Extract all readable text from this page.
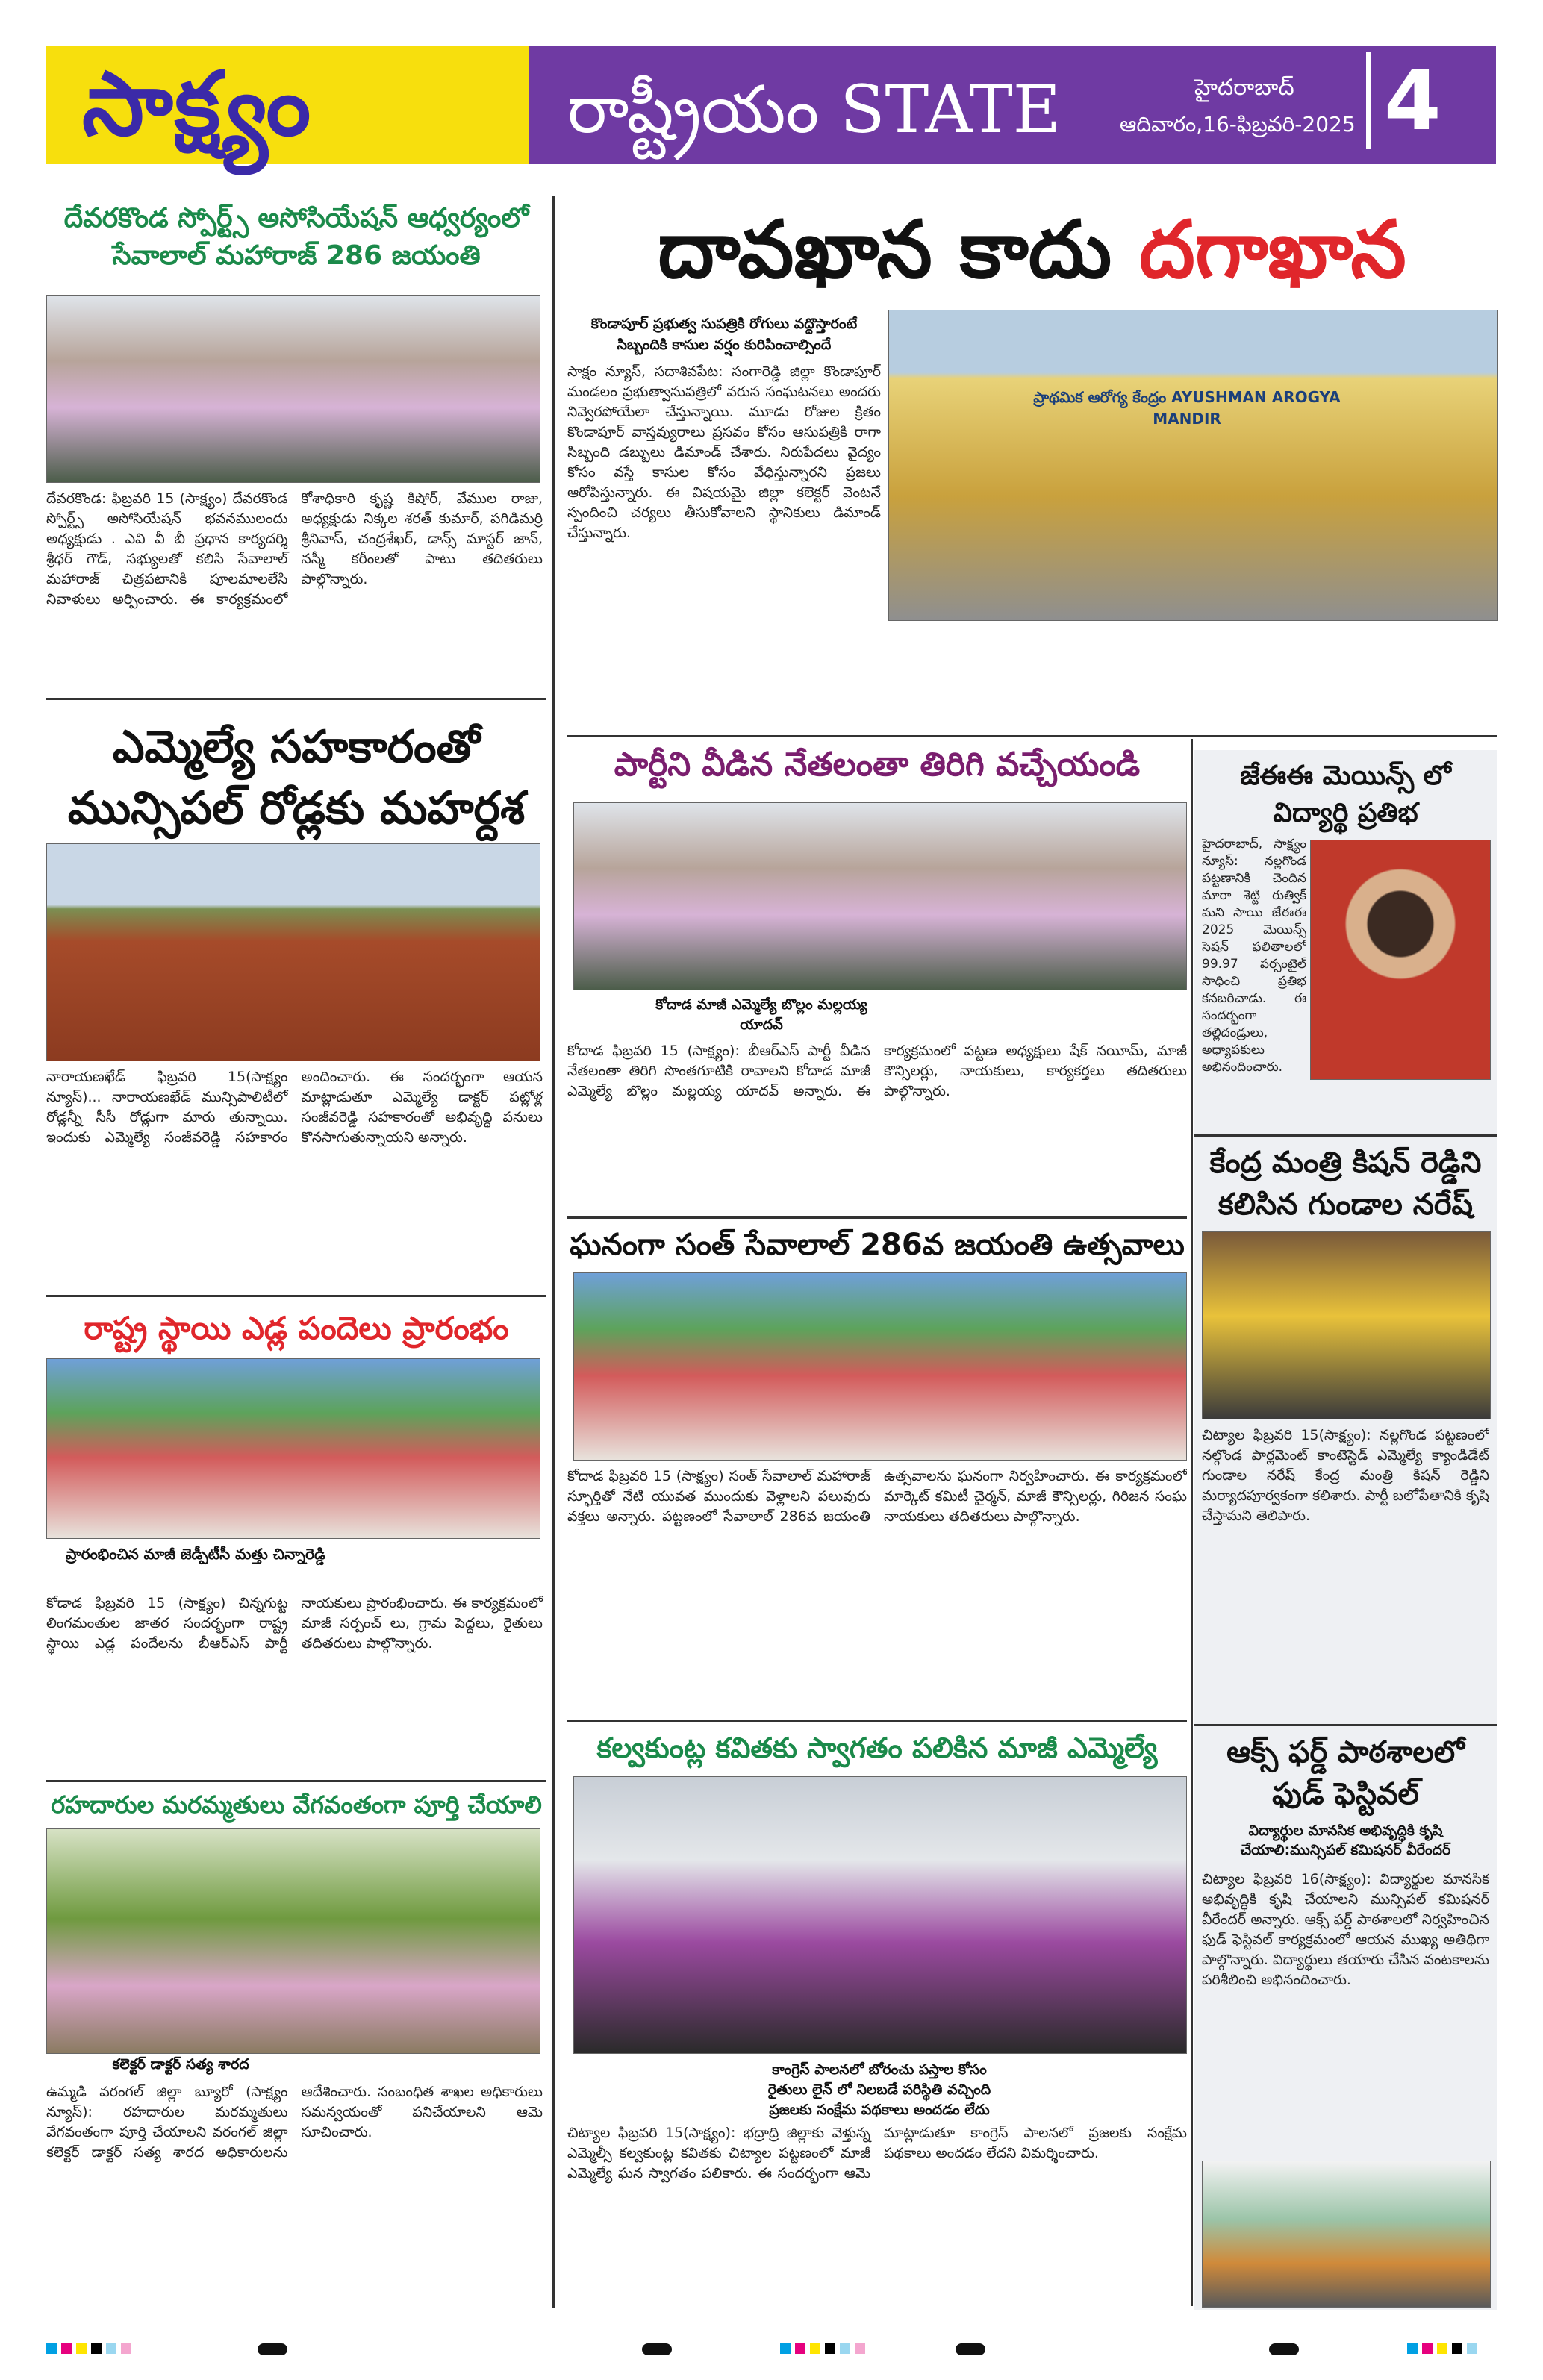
సాక్ష్యం	రాష్ట్రీయం STATE	హైదరాబాద్
ఆదివారం,16-ఫిబ్రవరి-2025 4
దేవరకొండ స్పోర్ట్స్ అసోసియేషన్ ఆధ్వర్యంలో సేవాలాల్ మహారాజ్ 286 జయంతి
దేవరకొండ: ఫిబ్రవరి 15 (సాక్ష్యం) దేవరకొండ స్పోర్ట్స్ అసోసియేషన్ భవనములందు అధ్యక్షుడు . ఎవి వీ బీ ప్రధాన కార్యదర్శి శ్రీధర్ గౌడ్, సభ్యులతో కలిసి సేవాలాల్ మహారాజ్ చిత్రపటానికి పూలమాలలేసి నివాళులు అర్పించారు. ఈ కార్యక్రమంలో కోశాధికారి కృష్ణ కిషోర్, వేముల రాజు, అధ్యక్షుడు నిక్కల శరత్ కుమార్, పగిడిమర్రి శ్రీనివాస్, చంద్రశేఖర్, డాన్స్ మాస్టర్ జాన్, నస్మీ కరీంలతో పాటు తదితరులు పాల్గొన్నారు.
ఎమ్మెల్యే సహకారంతో మున్సిపల్ రోడ్లకు మహర్దశ
నారాయణఖేడ్ ఫిబ్రవరి 15(సాక్ష్యం న్యూస్)... నారాయణఖేడ్ మున్సిపాలిటీలో రోడ్లన్నీ సీసీ రోడ్లుగా మారు తున్నాయి. ఇందుకు ఎమ్మెల్యే సంజీవరెడ్డి సహకారం అందించారు. ఈ సందర్భంగా ఆయన మాట్లాడుతూ ఎమ్మెల్యే డాక్టర్ పట్లోళ్ల సంజీవరెడ్డి సహకారంతో అభివృద్ధి పనులు కొనసాగుతున్నాయని అన్నారు.
రాష్ట్ర స్థాయి ఎడ్ల పందెలు ప్రారంభం
ప్రారంభించిన మాజీ జెడ్పీటీసీ మత్తు చిన్నారెడ్డి
కోడాడ ఫిబ్రవరి 15 (సాక్ష్యం) చిన్నగుట్ట లింగమంతుల జాతర సందర్భంగా రాష్ట్ర స్థాయి ఎడ్ల పందేలను బీఆర్ఎస్ పార్టీ నాయకులు ప్రారంభించారు. ఈ కార్యక్రమంలో మాజీ సర్పంచ్ లు, గ్రామ పెద్దలు, రైతులు తదితరులు పాల్గొన్నారు.
రహదారుల మరమ్మతులు వేగవంతంగా పూర్తి చేయాలి
కలెక్టర్ డాక్టర్ సత్య శారద
ఉమ్మడి వరంగల్ జిల్లా బ్యూరో (సాక్ష్యం న్యూస్): రహదారుల మరమ్మతులు వేగవంతంగా పూర్తి చేయాలని వరంగల్ జిల్లా కలెక్టర్ డాక్టర్ సత్య శారద అధికారులను ఆదేశించారు. సంబంధిత శాఖల అధికారులు సమన్వయంతో పనిచేయాలని ఆమె సూచించారు.
దావఖాన కాదు దగాఖాన
కొండాపూర్ ప్రభుత్వ సుపత్రికి రోగులు వద్దొస్తారంటే సిబ్బందికి కాసుల వర్షం కురిపించాల్సిందే
సాక్షం న్యూస్, సదాశివపేట: సంగారెడ్డి జిల్లా కొండాపూర్ మండలం ప్రభుత్వాసుపత్రిలో వరుస సంఘటనలు అందరు నివ్వెరపోయేలా చేస్తున్నాయి. మూడు రోజుల క్రితం కొండాపూర్ వాస్తవ్యురాలు ప్రసవం కోసం ఆసుపత్రికి రాగా సిబ్బంది డబ్బులు డిమాండ్ చేశారు. నిరుపేదలు వైద్యం కోసం వస్తే కాసుల కోసం వేధిస్తున్నారని ప్రజలు ఆరోపిస్తున్నారు. ఈ విషయమై జిల్లా కలెక్టర్ వెంటనే స్పందించి చర్యలు తీసుకోవాలని స్థానికులు డిమాండ్ చేస్తున్నారు.
ప్రాథమిక ఆరోగ్య కేంద్రం AYUSHMAN AROGYA MANDIR
పార్టీని వీడిన నేతలంతా తిరిగి వచ్చేయండి
కోదాడ మాజీ ఎమ్మెల్యే బొల్లం మల్లయ్య యాదవ్
కోదాడ ఫిబ్రవరి 15 (సాక్ష్యం): బీఆర్ఎస్ పార్టీ వీడిన నేతలంతా తిరిగి సొంతగూటికి రావాలని కోదాడ మాజీ ఎమ్మెల్యే బొల్లం మల్లయ్య యాదవ్ అన్నారు. ఈ కార్యక్రమంలో పట్టణ అధ్యక్షులు షేక్ నయీమ్, మాజీ కౌన్సిలర్లు, నాయకులు, కార్యకర్తలు తదితరులు పాల్గొన్నారు.
ఘనంగా సంత్ సేవాలాల్ 286వ జయంతి ఉత్సవాలు
కోదాడ ఫిబ్రవరి 15 (సాక్ష్యం) సంత్ సేవాలాల్ మహారాజ్ స్ఫూర్తితో నేటి యువత ముందుకు వెళ్లాలని పలువురు వక్తలు అన్నారు. పట్టణంలో సేవాలాల్ 286వ జయంతి ఉత్సవాలను ఘనంగా నిర్వహించారు. ఈ కార్యక్రమంలో మార్కెట్ కమిటీ చైర్మన్, మాజీ కౌన్సిలర్లు, గిరిజన సంఘ నాయకులు తదితరులు పాల్గొన్నారు.
కల్వకుంట్ల కవితకు స్వాగతం పలికిన మాజీ ఎమ్మెల్యే
కాంగ్రెస్ పాలనలో బోరంచు పస్తాల కోసం
రైతులు లైన్ లో నిలబడే పరిస్థితి వచ్చింది
ప్రజలకు సంక్షేమ పథకాలు అందడం లేదు
చిట్యాల ఫిబ్రవరి 15(సాక్ష్యం): భద్రాద్రి జిల్లాకు వెళ్తున్న ఎమ్మెల్సీ కల్వకుంట్ల కవితకు చిట్యాల పట్టణంలో మాజీ ఎమ్మెల్యే ఘన స్వాగతం పలికారు. ఈ సందర్భంగా ఆమె మాట్లాడుతూ కాంగ్రెస్ పాలనలో ప్రజలకు సంక్షేమ పథకాలు అందడం లేదని విమర్శించారు.
జేఈఈ మెయిన్స్ లో విద్యార్థి ప్రతిభ
హైదరాబాద్, సాక్ష్యం న్యూస్: నల్లగొండ పట్టణానికి చెందిన మారా శెట్టి రుత్విక్ మని సాయి జేఈఈ 2025 మెయిన్స్ సెషన్ ఫలితాలలో 99.97 పర్సంటైల్ సాధించి ప్రతిభ కనబరిచాడు. ఈ సందర్భంగా తల్లిదండ్రులు, అధ్యాపకులు అభినందించారు.
కేంద్ర మంత్రి కిషన్ రెడ్డిని కలిసిన గుండాల నరేష్
చిట్యాల ఫిబ్రవరి 15(సాక్ష్యం): నల్లగొండ పట్టణంలో నల్గొండ పార్లమెంట్ కాంటెస్టెడ్ ఎమ్మెల్యే క్యాండిడేట్ గుండాల నరేష్ కేంద్ర మంత్రి కిషన్ రెడ్డిని మర్యాదపూర్వకంగా కలిశారు. పార్టీ బలోపేతానికి కృషి చేస్తామని తెలిపారు.
ఆక్స్ ఫర్డ్ పాఠశాలలో ఫుడ్ ఫెస్టివల్
విద్యార్థుల మానసిక అభివృద్ధికి కృషి చేయాలి:మున్సిపల్ కమిషనర్ వీరేందర్
చిట్యాల ఫిబ్రవరి 16(సాక్ష్యం): విద్యార్థుల మానసిక అభివృద్ధికి కృషి చేయాలని మున్సిపల్ కమిషనర్ వీరేందర్ అన్నారు. ఆక్స్ ఫర్డ్ పాఠశాలలో నిర్వహించిన ఫుడ్ ఫెస్టివల్ కార్యక్రమంలో ఆయన ముఖ్య అతిథిగా పాల్గొన్నారు. విద్యార్థులు తయారు చేసిన వంటకాలను పరిశీలించి అభినందించారు.
